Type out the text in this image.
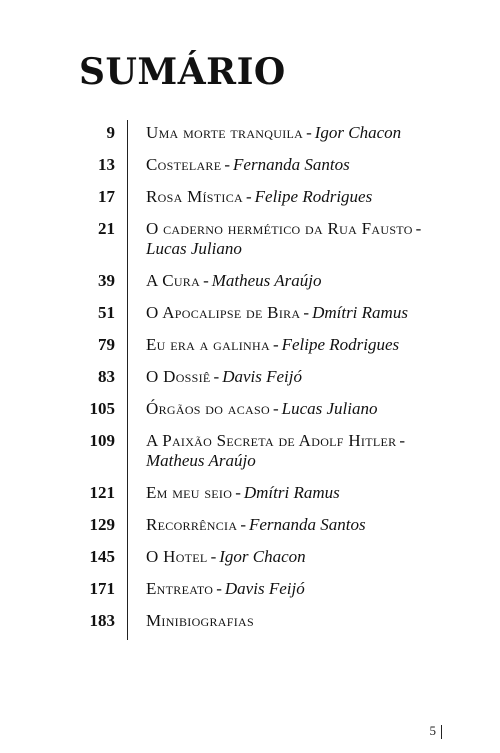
SUMÁRIO
9 Uma morte tranquila - Igor Chacon
13 Costelare - Fernanda Santos
17 Rosa Mística - Felipe Rodrigues
21 O caderno hermético da Rua Fausto -Lucas Juliano
39 A Cura - Matheus Araújo
51 O Apocalipse de Bira - Dmítri Ramus
79 Eu era a galinha - Felipe Rodrigues
83 O Dossiê - Davis Feijó
105 Órgãos do acaso - Lucas Juliano
109 A Paixão Secreta de Adolf Hitler -Matheus Araújo
121 Em meu seio - Dmítri Ramus
129 Recorrência - Fernanda Santos
145 O Hotel - Igor Chacon
171 Entreato - Davis Feijó
183 Minibiografias
5
